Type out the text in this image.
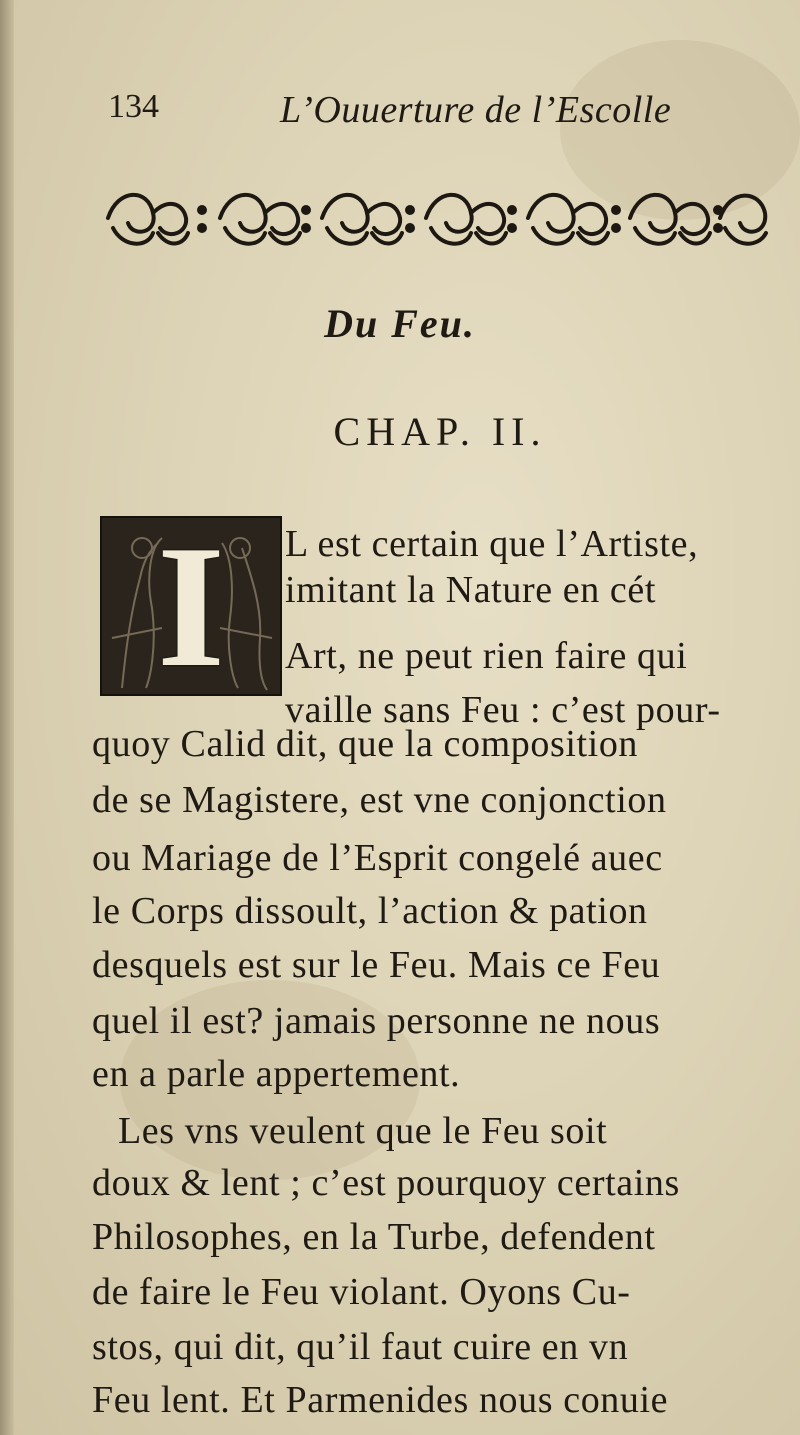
134	L’Ouuerture de l’Escolle
Du Feu.
CHAP. II.
I	L est certain que l’Artiste,
imitant la Nature en cét
Art, ne peut rien faire qui
vaille sans Feu : c’est pour-
quoy Calid dit, que la composition
de se Magistere, est vne conjonction
ou Mariage de l’Esprit congelé auec
le Corps dissoult, l’action & pation
desquels est sur le Feu. Mais ce Feu
quel il est? jamais personne ne nous
en a parle appertement.
Les vns veulent que le Feu soit
doux & lent ; c’est pourquoy certains
Philosophes, en la Turbe, defendent
de faire le Feu violant. Oyons Cu-
stos, qui dit, qu’il faut cuire en vn
Feu lent. Et Parmenides nous conuie
